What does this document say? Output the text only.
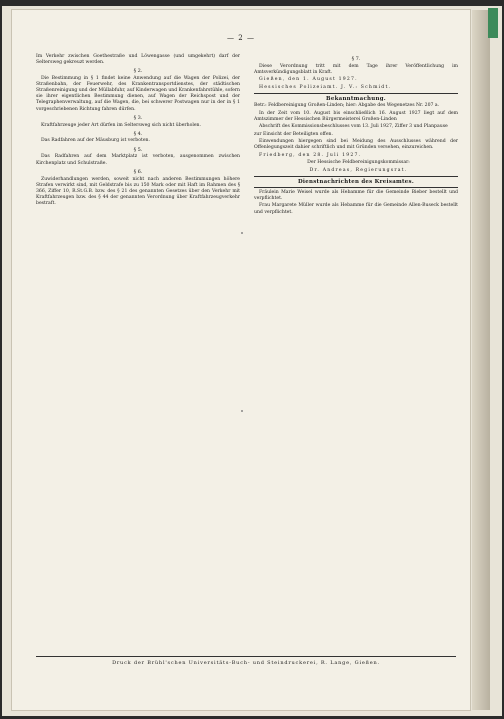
— 2 —

Im Verkehr zwischen Goethestraße und Löwengasse (und umgekehrt) darf der Seltersweg gekreuzt werden.

§ 2.

Die Bestimmung in § 1 findet keine Anwendung auf die Wagen der Polizei, der Straßenbahn, der Feuerwehr, des Krankentransportdienstes, der städtischen Straßenreinigung und der Müllabfuhr, auf Kinderwagen und Krankenfahrstühle, sofern sie ihrer eigentlichen Bestimmung dienen, auf Wagen der Reichspost und der Telegraphenverwaltung, auf die Wagen, die, bei schwerer Postwagen nur in der in § 1 vorgeschriebenen Richtung fahren dürfen.

§ 3.

Kraftfahrzeuge jeder Art dürfen im Seltersweg sich nicht überholen.

§ 4.

Das Radfahren auf der Mäusburg ist verboten.

§ 5.

Das Radfahren auf dem Marktplatz ist verboten, ausgenommen zwischen Kirchenplatz und Schulstraße.

§ 6.

Zuwiderhandlungen werden, soweit nicht nach anderen Bestimmungen höhere Strafen verwirkt sind, mit Geldstrafe bis zu 150 Mark oder mit Haft im Rahmen des § 366, Ziffer 10, R.St.G.B. bzw. des § 21 des genannten Gesetzes über den Verkehr mit Kraftfahrzeugen bzw. des § 44 der genannten Verordnung über Kraftfahrzeugverkehr bestraft.

§ 7.

Diese Verordnung tritt mit dem Tage ihrer Veröffentlichung im Amtsverkündigungsblatt in Kraft.

Gießen, den 1. August 1927.

Hessisches Polizeiamt. J. V.: Schmidt.

Bekanntmachung.

Betr.: Feldbereinigung Großen-Linden; hier: Abgabe des Wegenetzes Nr. 207 a.

In der Zeit vom 10. August bis einschließlich 16. August 1927 liegt auf dem Amtszimmer der Hessischen Bürgermeisterei Großen-Linden

Abschrift des Kommissionsbeschlusses vom 13. Juli 1927, Ziffer 3 und Planpause

zur Einsicht der Beteiligten offen.

Einwendungen hiergegen sind bei Meidung des Ausschlusses während der Offenlegungszeit dahier schriftlich und mit Gründen versehen, einzureichen.

Friedberg, den 28. Juli 1927.

Der Hessische Feldbereinigungskommissar:

Dr. Andreas, Regierungsrat.

Dienstnachrichten des Kreisamtes.

Fräulein Marie Weisel wurde als Hebamme für die Gemeinde Bieber bestellt und verpflichtet.

Frau Margarete Müller wurde als Hebamme für die Gemeinde Allen-Buseck bestellt und verpflichtet.

Druck der Brühl'schen Universitäts-Buch- und Steindruckerei, R. Lange, Gießen.
